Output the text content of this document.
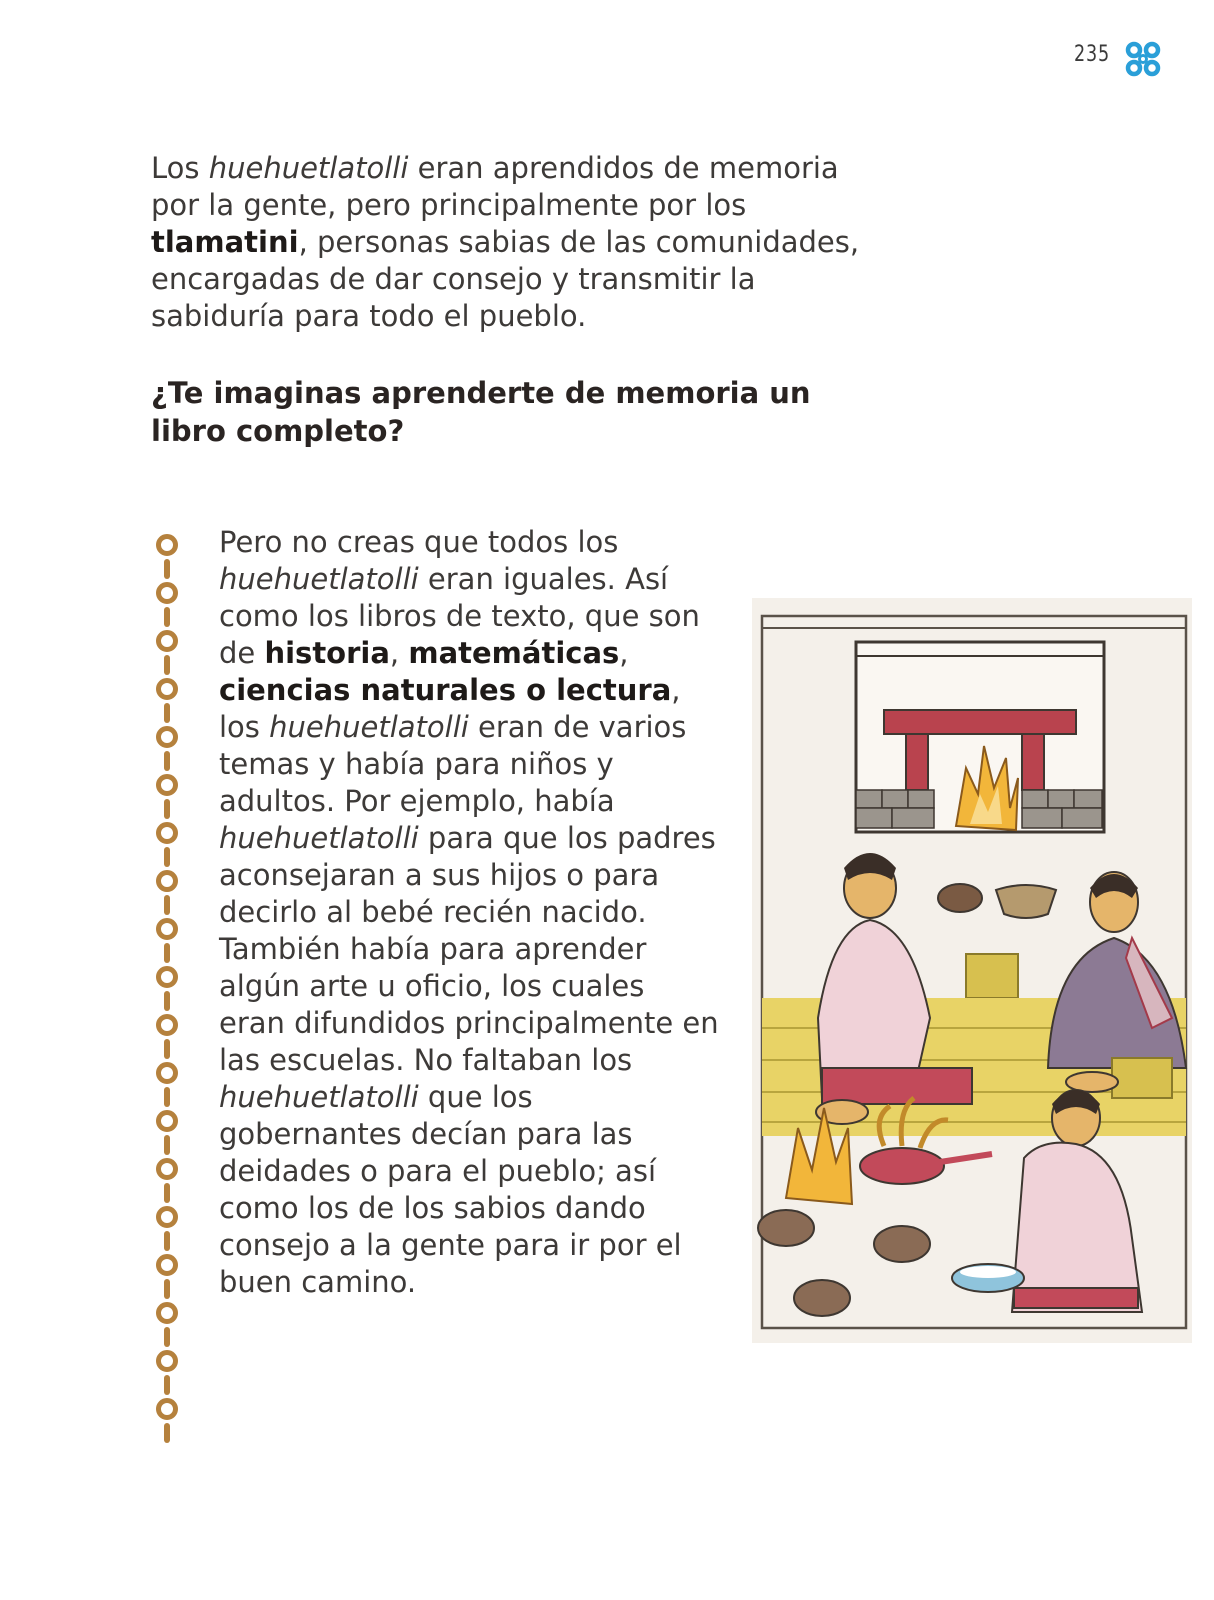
235

Los huehuetlatolli eran aprendidos de memoria por la gente, pero principalmente por los tlamatini, personas sabias de las comunidades, encargadas de dar consejo y transmitir la sabiduría para todo el pueblo.

¿Te imaginas aprenderte de memoria un libro completo?

Pero no creas que todos los huehuetlatolli eran iguales. Así como los libros de texto, que son de historia, matemáticas, ciencias naturales o lectura, los huehuetlatolli eran de varios temas y había para niños y adultos. Por ejemplo, había huehuetlatolli para que los padres aconsejaran a sus hijos o para decirlo al bebé recién nacido. También había para aprender algún arte u oficio, los cuales eran difundidos principalmente en las escuelas. No faltaban los huehuetlatolli que los gobernantes decían para las deidades o para el pueblo; así como los de los sabios dando consejo a la gente para ir por el buen camino.
